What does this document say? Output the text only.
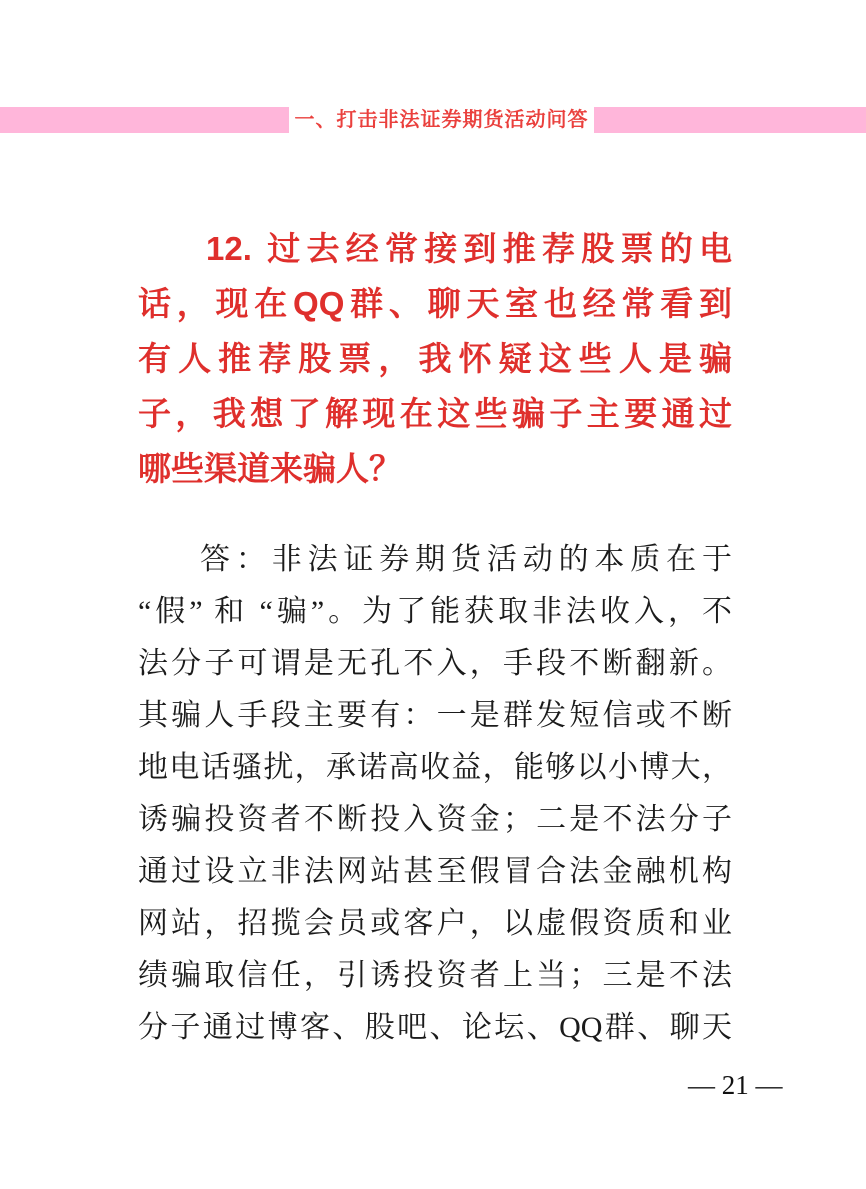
一、打击非法证券期货活动问答
12. 过去经常接到推荐股票的电
话，现在QQ群、聊天室也经常看到
有人推荐股票，我怀疑这些人是骗
子，我想了解现在这些骗子主要通过
哪些渠道来骗人？
答：非法证券期货活动的本质在于
“假” 和 “骗”。为了能获取非法收入，不
法分子可谓是无孔不入，手段不断翻新。
其骗人手段主要有：一是群发短信或不断
地电话骚扰，承诺高收益，能够以小博大，
诱骗投资者不断投入资金；二是不法分子
通过设立非法网站甚至假冒合法金融机构
网站，招揽会员或客户，以虚假资质和业
绩骗取信任，引诱投资者上当；三是不法
分子通过博客、股吧、论坛、QQ群、聊天
— 21 —
